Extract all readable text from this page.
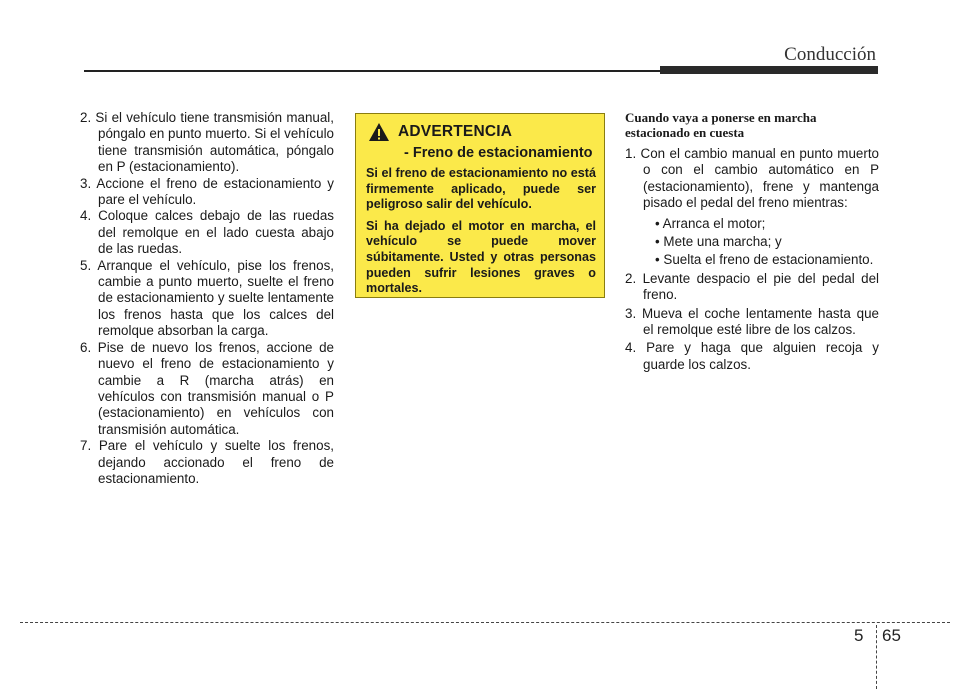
Conducción
2. Si el vehículo tiene transmisión manual, póngalo en punto muerto. Si el vehículo tiene transmisión automática, póngalo en P (estacionamiento).
3. Accione el freno de estacionamiento y pare el vehículo.
4. Coloque calces debajo de las ruedas del remolque en el lado cuesta abajo de las ruedas.
5. Arranque el vehículo, pise los frenos, cambie a punto muerto, suelte el freno de estacionamiento y suelte lentamente los frenos hasta que los calces del remolque absorban la carga.
6. Pise de nuevo los frenos, accione de nuevo el freno de estacionamiento y cambie a R (marcha atrás) en vehículos con transmisión manual o P (estacionamiento) en vehículos con transmisión automática.
7. Pare el vehículo y suelte los frenos, dejando accionado el freno de estacionamiento.
ADVERTENCIA
- Freno de estacionamiento

Si el freno de estacionamiento no está firmemente aplicado, puede ser peligroso salir del vehículo.

Si ha dejado el motor en marcha, el vehículo se puede mover súbitamente. Usted y otras personas pueden sufrir lesiones graves o mortales.

Cuando vaya a ponerse en marcha estacionado en cuesta
1. Con el cambio manual en punto muerto o con el cambio automático en P (estacionamiento), frene y mantenga pisado el pedal del freno mientras:
• Arranca el motor;
• Mete una marcha; y
• Suelta el freno de estacionamiento.
2. Levante despacio el pie del pedal del freno.
3. Mueva el coche lentamente hasta que el remolque esté libre de los calzos.
4. Pare y haga que alguien recoja y guarde los calzos.
5 65
